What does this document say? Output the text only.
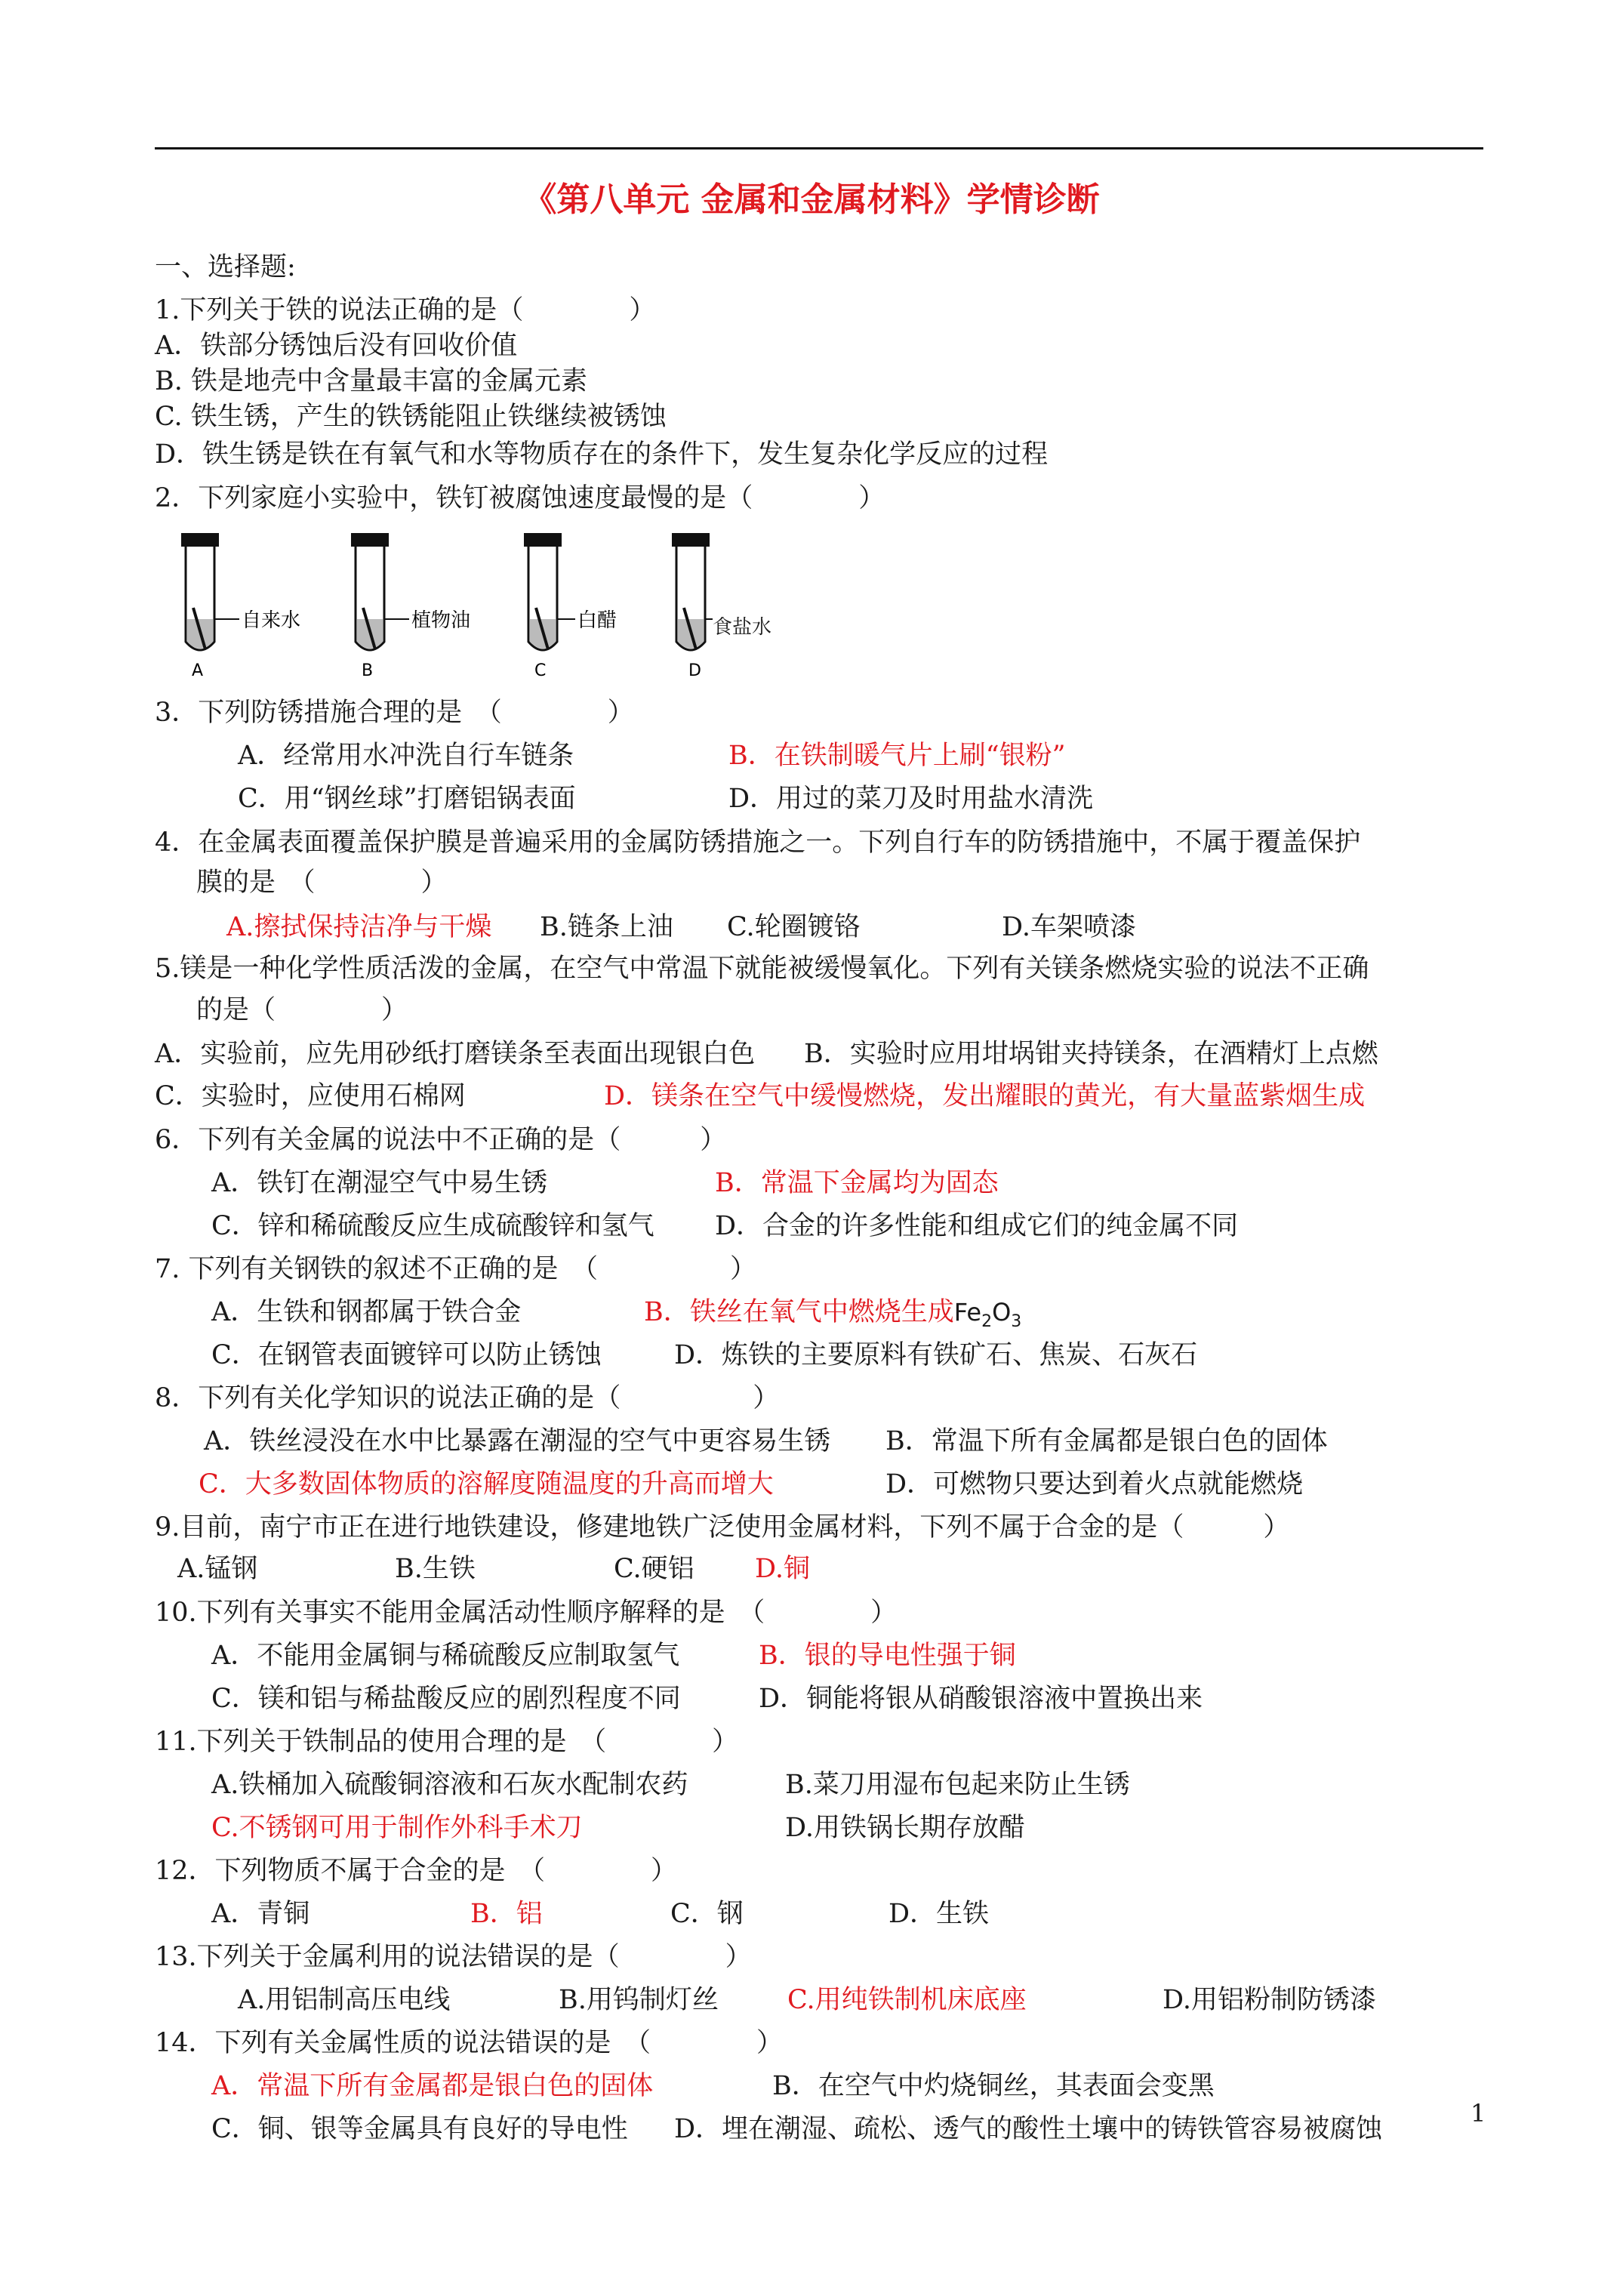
《第八单元 金属和金属材料》学情诊断
一、选择题:
1.下列关于铁的说法正确的是（　　　　）
A．铁部分锈蚀后没有回收价值
B. 铁是地壳中含量最丰富的金属元素
C. 铁生锈，产生的铁锈能阻止铁继续被锈蚀
D．铁生锈是铁在有氧气和水等物质存在的条件下，发生复杂化学反应的过程
2．下列家庭小实验中，铁钉被腐蚀速度最慢的是（　　　　）
自来水
A
植物油
B
白醋
C	D
食盐水
3．下列防锈措施合理的是　（　　　　）
A．经常用水冲洗自行车链条	B．在铁制暖气片上刷“银粉”
C．用“钢丝球”打磨铝锅表面	D．用过的菜刀及时用盐水清洗
4．在金属表面覆盖保护膜是普遍采用的金属防锈措施之一。下列自行车的防锈措施中，不属于覆盖保护
膜的是　（　　　　）
A.擦拭保持洁净与干燥 B.链条上油 C.轮圈镀铬	D.车架喷漆
5.镁是一种化学性质活泼的金属，在空气中常温下就能被缓慢氧化。下列有关镁条燃烧实验的说法不正确
的是（　　　　）
A．实验前，应先用砂纸打磨镁条至表面出现银白色 B．实验时应用坩埚钳夹持镁条，在酒精灯上点燃
C．实验时，应使用石棉网	D．镁条在空气中缓慢燃烧，发出耀眼的黄光，有大量蓝紫烟生成
6．下列有关金属的说法中不正确的是（　　　）
A．铁钉在潮湿空气中易生锈	B．常温下金属均为固态
C．锌和稀硫酸反应生成硫酸锌和氢气 D．合金的许多性能和组成它们的纯金属不同
7. 下列有关钢铁的叙述不正确的是　（　　　　　）
A．生铁和钢都属于铁合金	B．铁丝在氧气中燃烧生成$Fe_2O_3$
C．在钢管表面镀锌可以防止锈蚀	D．炼铁的主要原料有铁矿石、焦炭、石灰石
8．下列有关化学知识的说法正确的是（　　　　　）
A．铁丝浸没在水中比暴露在潮湿的空气中更容易生锈 B．常温下所有金属都是银白色的固体
C．大多数固体物质的溶解度随温度的升高而增大	D．可燃物只要达到着火点就能燃烧
9.目前，南宁市正在进行地铁建设，修建地铁广泛使用金属材料，下列不属于合金的是（　　　）
A.锰钢	B.生铁	C.硬铝 D.铜
10.下列有关事实不能用金属活动性顺序解释的是　（　　　　）
A．不能用金属铜与稀硫酸反应制取氢气	B．银的导电性强于铜
C．镁和铝与稀盐酸反应的剧烈程度不同	D．铜能将银从硝酸银溶液中置换出来
11.下列关于铁制品的使用合理的是　（　　　　）
A.铁桶加入硫酸铜溶液和石灰水配制农药	B.菜刀用湿布包起来防止生锈
C.不锈钢可用于制作外科手术刀	D.用铁锅长期存放醋
12．下列物质不属于合金的是　（　　　　）
A．青铜	B．铝	C．钢	D．生铁
13.下列关于金属利用的说法错误的是（　　　　）
A.用铝制高压电线	B.用钨制灯丝	C.用纯铁制机床底座	D.用铝粉制防锈漆
14．下列有关金属性质的说法错误的是　（　　　　）
A．常温下所有金属都是银白色的固体	B．在空气中灼烧铜丝，其表面会变黑
C．铜、银等金属具有良好的导电性 D．埋在潮湿、疏松、透气的酸性土壤中的铸铁管容易被腐蚀
1
